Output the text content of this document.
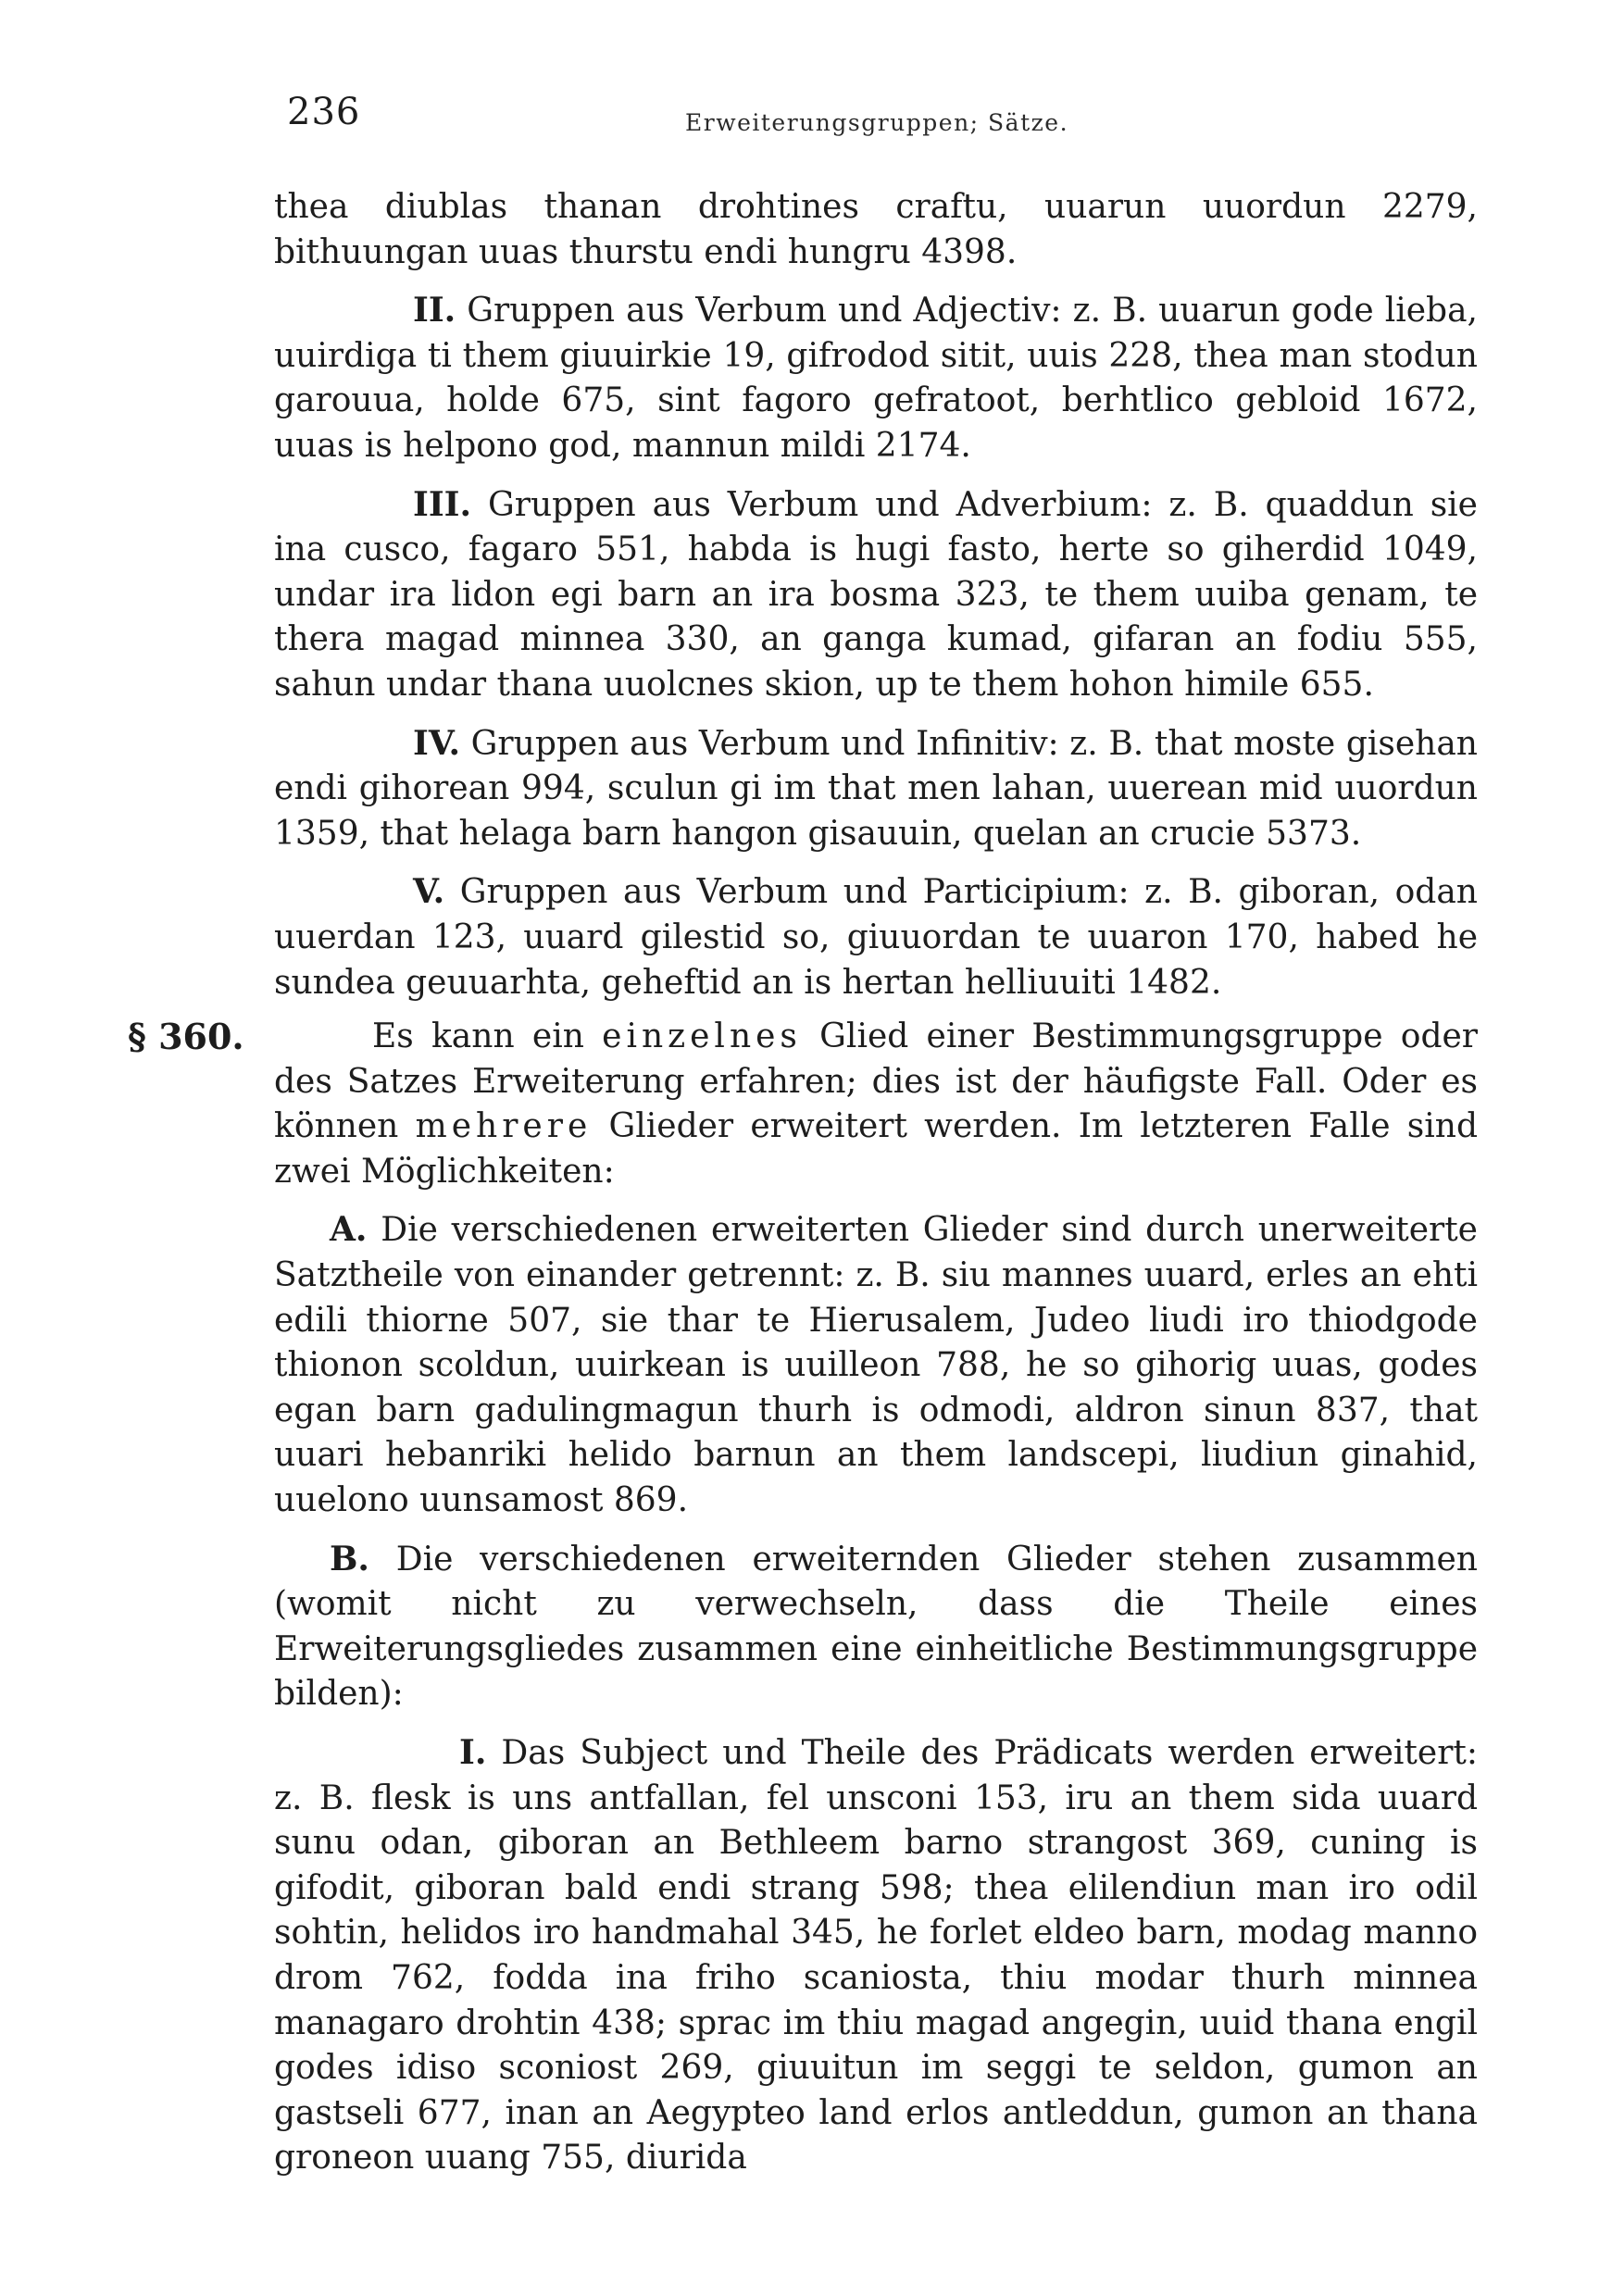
236	Erweiterungsgruppen; Sätze.

thea diublas thanan drohtines craftu, uuarun uuordun 2279, bithuungan uuas thurstu endi hungru 4398.

II. Gruppen aus Verbum und Adjectiv: z. B. uuarun gode lieba, uuirdiga ti them giuuirkie 19, gifrodod sitit, uuis 228, thea man stodun garouua, holde 675, sint fagoro gefratoot, berhtlico gebloid 1672, uuas is helpono god, mannun mildi 2174.

III. Gruppen aus Verbum und Adverbium: z. B. quaddun sie ina cusco, fagaro 551, habda is hugi fasto, herte so giherdid 1049, undar ira lidon egi barn an ira bosma 323, te them uuiba genam, te thera magad minnea 330, an ganga kumad, gifaran an fodiu 555, sahun undar thana uuolcnes skion, up te them hohon himile 655.

IV. Gruppen aus Verbum und Infinitiv: z. B. that moste gisehan endi gihorean 994, sculun gi im that men lahan, uuerean mid uuordun 1359, that helaga barn hangon gisauuin, quelan an crucie 5373.

V. Gruppen aus Verbum und Participium: z. B. giboran, odan uuerdan 123, uuard gilestid so, giuuordan te uuaron 170, habed he sundea geuuarhta, geheftid an is hertan helliuuiti 1482.

§ 360.	Es kann ein einzelnes Glied einer Bestimmungsgruppe oder des Satzes Erweiterung erfahren; dies ist der häufigste Fall. Oder es können mehrere Glieder erweitert werden. Im letzteren Falle sind zwei Möglichkeiten:

A. Die verschiedenen erweiterten Glieder sind durch unerweiterte Satztheile von einander getrennt: z. B. siu mannes uuard, erles an ehti edili thiorne 507, sie thar te Hierusalem, Judeo liudi iro thiodgode thionon scoldun, uuirkean is uuilleon 788, he so gihorig uuas, godes egan barn gadulingmagun thurh is odmodi, aldron sinun 837, that uuari hebanriki helido barnun an them landscepi, liudiun ginahid, uuelono uunsamost 869.

B. Die verschiedenen erweiternden Glieder stehen zusammen (womit nicht zu verwechseln, dass die Theile eines Erweiterungsgliedes zusammen eine einheitliche Bestimmungsgruppe bilden):

I. Das Subject und Theile des Prädicats werden erweitert: z. B. flesk is uns antfallan, fel unsconi 153, iru an them sida uuard sunu odan, giboran an Bethleem barno strangost 369, cuning is gifodit, giboran bald endi strang 598; thea elilendiun man iro odil sohtin, helidos iro handmahal 345, he forlet eldeo barn, modag manno drom 762, fodda ina friho scaniosta, thiu modar thurh minnea managaro drohtin 438; sprac im thiu magad angegin, uuid thana engil godes idiso sconiost 269, giuuitun im seggi te seldon, gumon an gastseli 677, inan an Aegypteo land erlos antleddun, gumon an thana groneon uuang 755, diurida
